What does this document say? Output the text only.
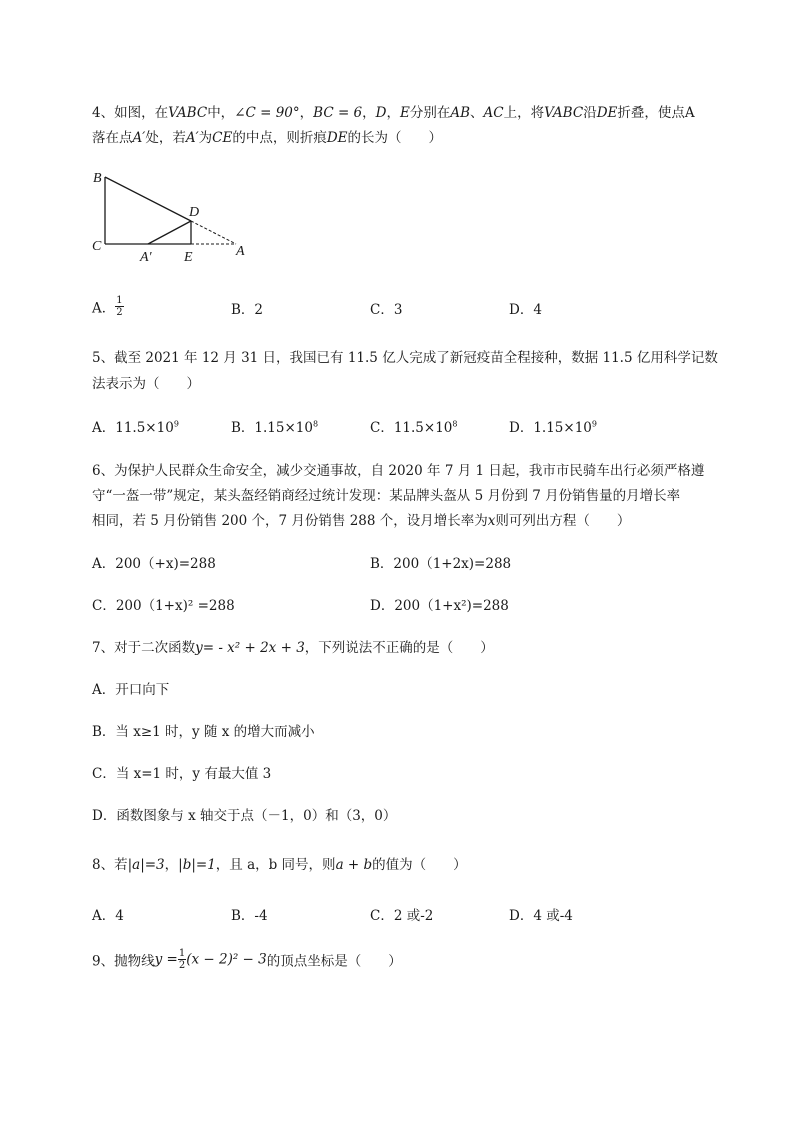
4、如图，在VABC中，∠C = 90°，BC = 6，D，E分别在AB、AC上，将VABC沿DE折叠，使点A
落在点A′处，若A′为CE的中点，则折痕DE的长为（　　）
B
C
D
A
A′ E
A． $\frac{1}{2}$	B．2	C．3	D．4
5、截至 2021 年 12 月 31 日，我国已有 11.5 亿人完成了新冠疫苗全程接种，数据 11.5 亿用科学记数
法表示为（　　）
A．$11.5\times 10^9$	B．$1.15\times 10^8$	C．$11.5\times 10^8$	D．$1.15\times 10^9$
6、为保护人民群众生命安全，减少交通事故，自 2020 年 7 月 1 日起，我市市民骑车出行必须严格遵
守“一盔一带”规定，某头盔经销商经过统计发现：某品牌头盔从 5 月份到 7 月份销售量的月增长率
相同，若 5 月份销售 200 个，7 月份销售 288 个，设月增长率为x则可列出方程（　　）
A．200（+x)=288	B．200（1+2x)=288
C．200（1+x)² =288	D．200（1+x²)=288
7、对于二次函数y= - x² + 2x + 3，下列说法不正确的是（　　）
A．开口向下
B．当 x≥1 时，y 随 x 的增大而减小
C．当 x=1 时，y 有最大值 3
D．函数图象与 x 轴交于点（－1，0）和（3，0）
8、若|a|=3，|b|=1，且 a，b 同号，则a + b的值为（　　）
A．4	B．-4	C．2 或-2	D．4 或-4
9、抛物线$y = \frac{1}{2} (x - 2)^2 - 3$的顶点坐标是（　　）
